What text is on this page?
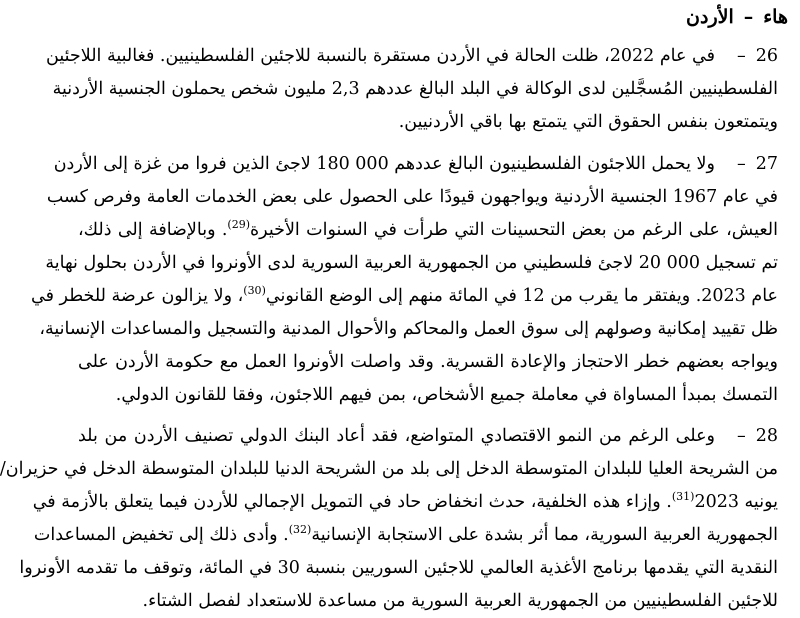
هاء–الأردن
26–في عام 2022، ظلت الحالة في الأردن مستقرة بالنسبة للاجئين الفلسطينيين. فغالبية اللاجئين
الفلسطينيين المُسجَّلين لدى الوكالة في البلد البالغ عددهم 2,3 مليون شخص يحملون الجنسية الأردنية
ويتمتعون بنفس الحقوق التي يتمتع بها باقي الأردنيين.
27–ولا يحمل اللاجئون الفلسطينيون البالغ عددهم 000 180 لاجئ الذين فروا من غزة إلى الأردن
في عام 1967 الجنسية الأردنية ويواجهون قيودًا على الحصول على بعض الخدمات العامة وفرص كسب
العيش، على الرغم من بعض التحسينات التي طرأت في السنوات الأخيرة$^{(29)}$. وبالإضافة إلى ذلك،
تم تسجيل 000 20 لاجئ فلسطيني من الجمهورية العربية السورية لدى الأونروا في الأردن بحلول نهاية
عام 2023. ويفتقر ما يقرب من 12 في المائة منهم إلى الوضع القانوني$^{(30)}$، ولا يزالون عرضة للخطر في
ظل تقييد إمكانية وصولهم إلى سوق العمل والمحاكم والأحوال المدنية والتسجيل والمساعدات الإنسانية،
ويواجه بعضهم خطر الاحتجاز والإعادة القسرية. وقد واصلت الأونروا العمل مع حكومة الأردن على
التمسك بمبدأ المساواة في معاملة جميع الأشخاص، بمن فيهم اللاجئون، وفقا للقانون الدولي.
28–وعلى الرغم من النمو الاقتصادي المتواضع، فقد أعاد البنك الدولي تصنيف الأردن من بلد
من الشريحة العليا للبلدان المتوسطة الدخل إلى بلد من الشريحة الدنيا للبلدان المتوسطة الدخل في حزيران/
يونيه 2023$^{(31)}$. وإزاء هذه الخلفية، حدث انخفاض حاد في التمويل الإجمالي للأردن فيما يتعلق بالأزمة في
الجمهورية العربية السورية، مما أثر بشدة على الاستجابة الإنسانية$^{(32)}$. وأدى ذلك إلى تخفيض المساعدات
النقدية التي يقدمها برنامج الأغذية العالمي للاجئين السوريين بنسبة 30 في المائة، وتوقف ما تقدمه الأونروا
للاجئين الفلسطينيين من الجمهورية العربية السورية من مساعدة للاستعداد لفصل الشتاء.
